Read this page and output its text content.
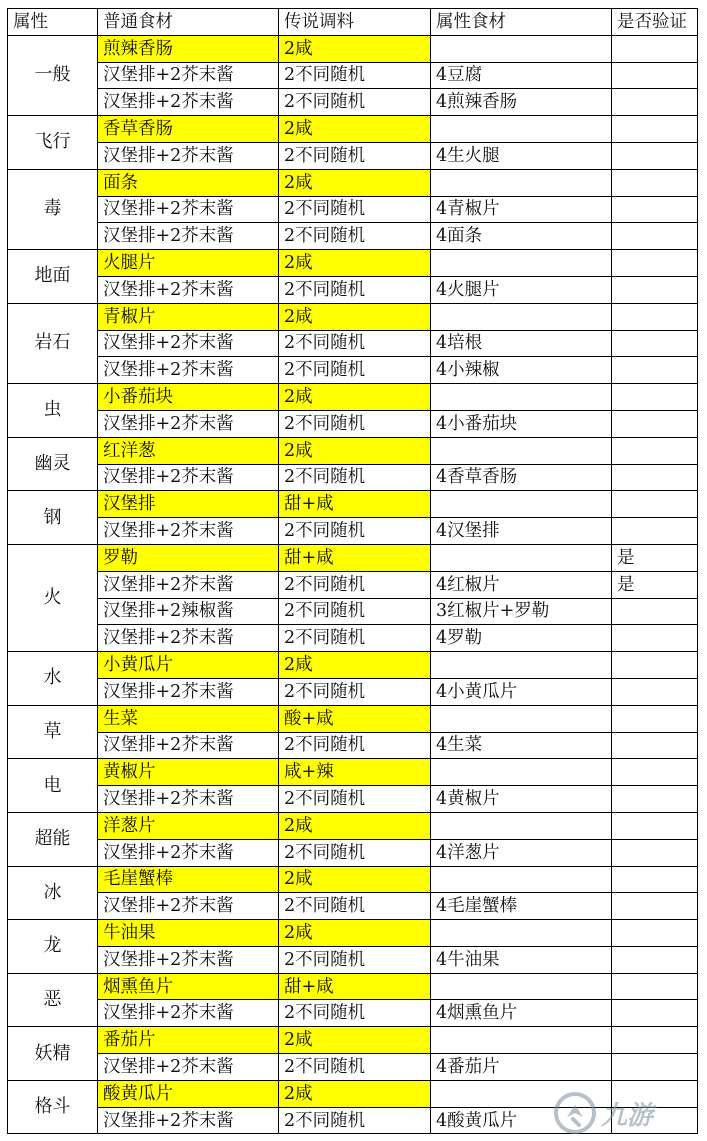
属性	普通食材	传说调料	属性食材	是否验证
一般	煎辣香肠	2咸		
	汉堡排+2芥末酱	2不同随机	4豆腐	
	汉堡排+2芥末酱	2不同随机	4煎辣香肠	
飞行	香草香肠	2咸		
	汉堡排+2芥末酱	2不同随机	4生火腿	
毒	面条	2咸		
	汉堡排+2芥末酱	2不同随机	4青椒片	
	汉堡排+2芥末酱	2不同随机	4面条	
地面	火腿片	2咸		
	汉堡排+2芥末酱	2不同随机	4火腿片	
岩石	青椒片	2咸		
	汉堡排+2芥末酱	2不同随机	4培根	
	汉堡排+2芥末酱	2不同随机	4小辣椒	
虫	小番茄块	2咸		
	汉堡排+2芥末酱	2不同随机	4小番茄块	
幽灵	红洋葱	2咸		
	汉堡排+2芥末酱	2不同随机	4香草香肠	
钢	汉堡排	甜+咸		
	汉堡排+2芥末酱	2不同随机	4汉堡排	
火	罗勒	甜+咸		是
	汉堡排+2芥末酱	2不同随机	4红椒片	是
	汉堡排+2辣椒酱	2不同随机	3红椒片+罗勒	
	汉堡排+2芥末酱	2不同随机	4罗勒	
水	小黄瓜片	2咸		
	汉堡排+2芥末酱	2不同随机	4小黄瓜片	
草	生菜	酸+咸		
	汉堡排+2芥末酱	2不同随机	4生菜	
电	黄椒片	咸+辣		
	汉堡排+2芥末酱	2不同随机	4黄椒片	
超能	洋葱片	2咸		
	汉堡排+2芥末酱	2不同随机	4洋葱片	
冰	毛崖蟹棒	2咸		
	汉堡排+2芥末酱	2不同随机	4毛崖蟹棒	
龙	牛油果	2咸		
	汉堡排+2芥末酱	2不同随机	4牛油果	
恶	烟熏鱼片	甜+咸		
	汉堡排+2芥末酱	2不同随机	4烟熏鱼片	
妖精	番茄片	2咸		
	汉堡排+2芥末酱	2不同随机	4番茄片	
格斗	酸黄瓜片	2咸		
	汉堡排+2芥末酱	2不同随机	4酸黄瓜片		九游
